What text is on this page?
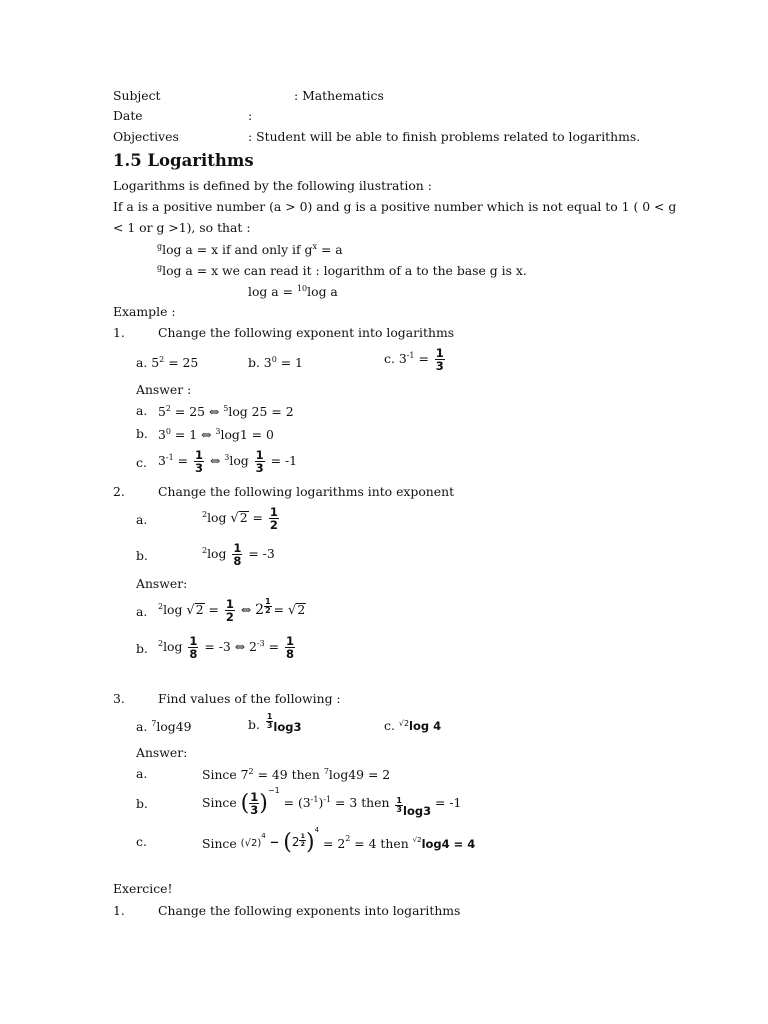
Subject	: Mathematics
Date	:
Objectives	: Student will be able to finish problems related to logarithms.
1.5 Logarithms
Logarithms is defined by the following ilustration :
If a is a positive number (a > 0) and g is a positive number which is not equal to 1 ( 0 < g
< 1 or g >1), so that :
$^g$log a = x if and only if $g^x = a$
$^g$log a = x we can read it : logarithm of a to the base g is x.
log a = $^{10}$log a
Example :
1.	Change the following exponent into logarithms
a. $5^2 = 25$	b. $3^0 = 1$	c. $3^{-1} = \frac{1}{3}$
Answer :
a. $5^2 = 25$ ⇔ $^5$log 25 = 2
b. $3^0 = 1$ ⇔ $^3$log1 = 0
c. $3^{-1} = \frac{1}{3}$ ⇔ $^3\log \frac{1}{3} = -1$
2.	Change the following logarithms into exponent
a.	$^2$log $√2 = \frac{1}{2}$
b.	$^2\log \frac{1}{8} = -3$
Answer:
a. $^2$log $√2 = \frac{1}{2}$ ⇔ $2 \frac{1}{2} = √2$
b. $^2\log \frac{1}{8} = -3$ ⇔ $2^{-3} = \frac{1}{8}$
3.	Find values of the following :
a. $^7$log49	b. $\frac{1}{3} \log 3$	c. $^{√2}$log 4
Answer:
a.	Since $7^2 = 49$ then $^7$log49 = 2
b.	Since ( $\frac{1}{3} )^{-1} = (3^{-1})^{-1} = 3$ then $\frac{1}{3} \log 3 = -1$
c.	Since $(√2)^4 - (2 \frac{1}{2} )^4 = 2^2 = 4$ then $^{√2}$log4 = 4
Exercice!
1.	Change the following exponents into logarithms
